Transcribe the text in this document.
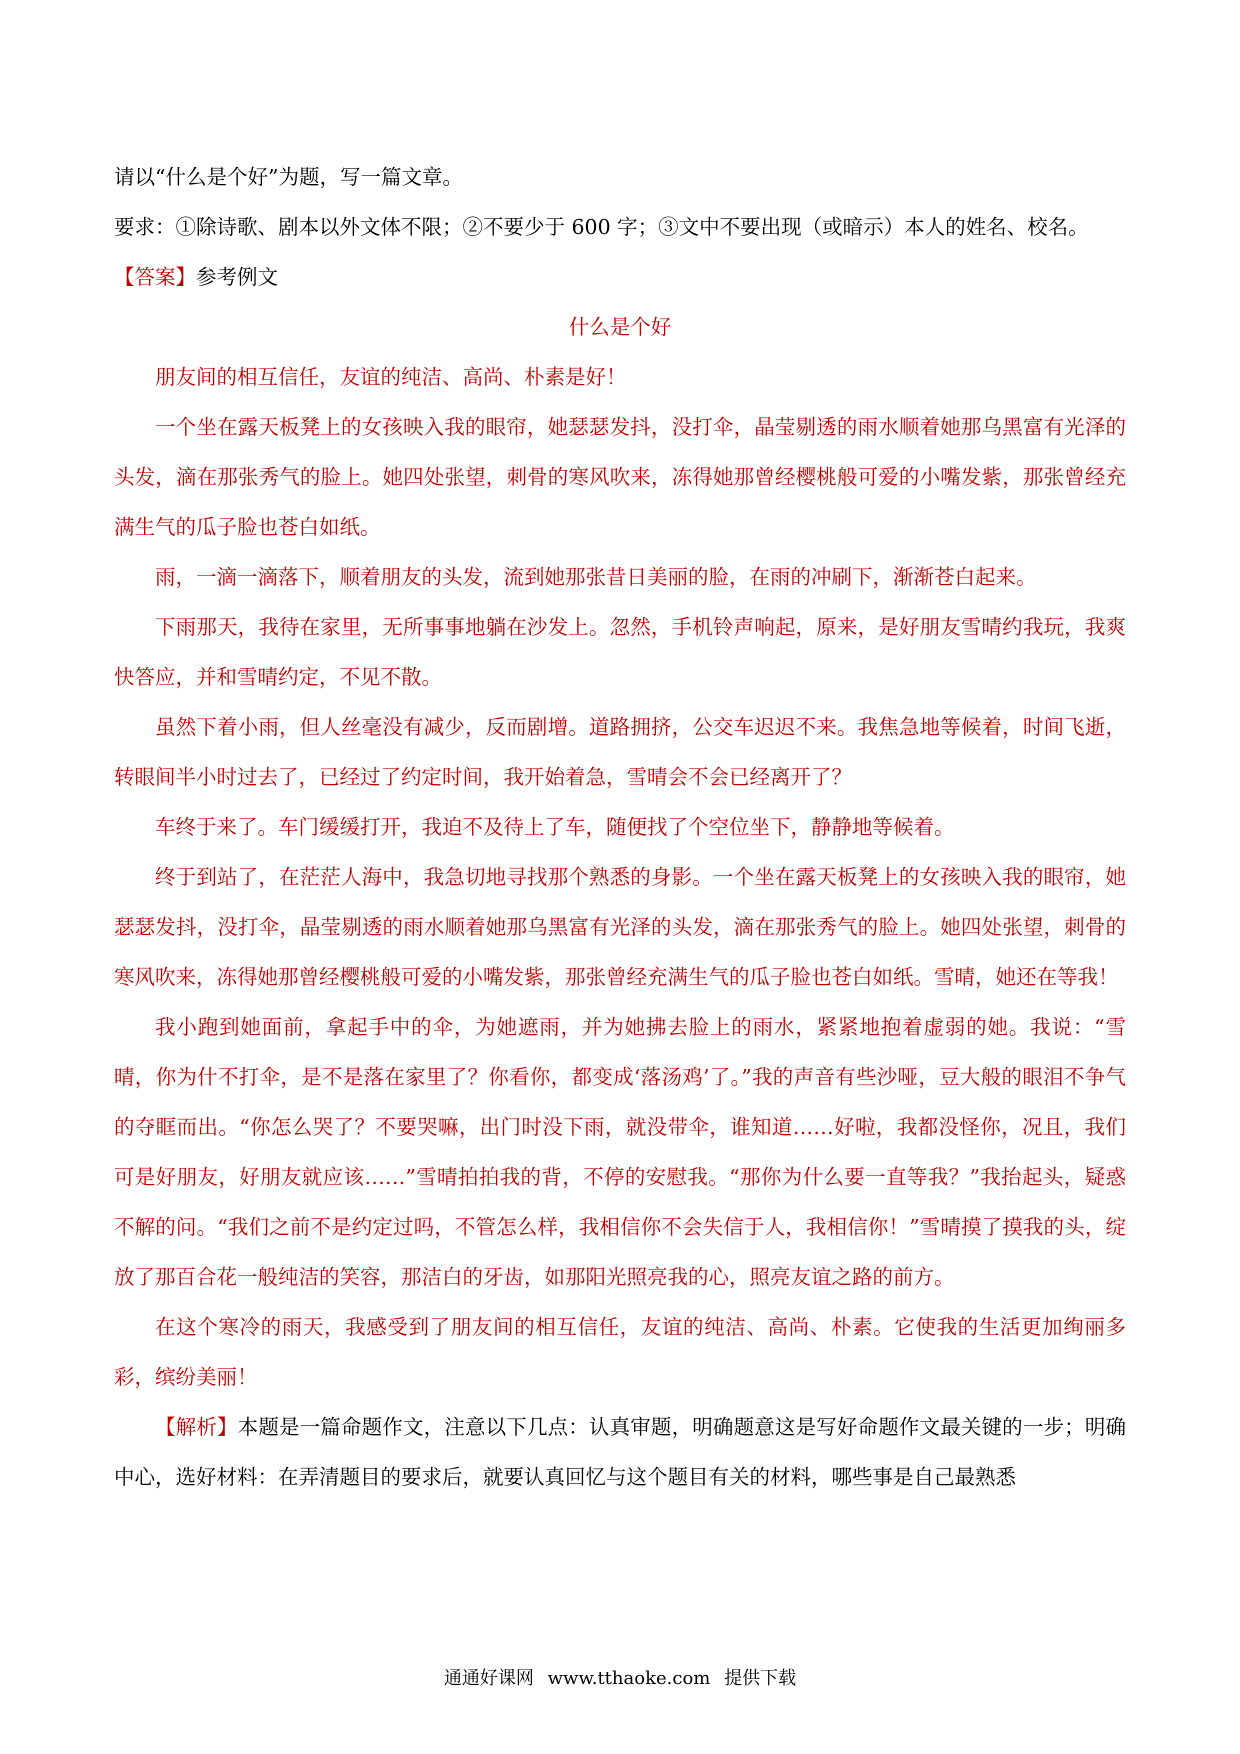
请以“什么是个好”为题，写一篇文章。

要求：①除诗歌、剧本以外文体不限；②不要少于 600 字；③文中不要出现（或暗示）本人的姓名、校名。

【答案】参考例文

什么是个好

朋友间的相互信任，友谊的纯洁、高尚、朴素是好！

一个坐在露天板凳上的女孩映入我的眼帘，她瑟瑟发抖，没打伞，晶莹剔透的雨水顺着她那乌黑富有光泽的头发，滴在那张秀气的脸上。她四处张望，刺骨的寒风吹来，冻得她那曾经樱桃般可爱的小嘴发紫，那张曾经充满生气的瓜子脸也苍白如纸。

雨，一滴一滴落下，顺着朋友的头发，流到她那张昔日美丽的脸，在雨的冲刷下，渐渐苍白起来。

下雨那天，我待在家里，无所事事地躺在沙发上。忽然，手机铃声响起，原来，是好朋友雪晴约我玩，我爽快答应，并和雪晴约定，不见不散。

虽然下着小雨，但人丝毫没有减少，反而剧增。道路拥挤，公交车迟迟不来。我焦急地等候着，时间飞逝，转眼间半小时过去了，已经过了约定时间，我开始着急，雪晴会不会已经离开了？

车终于来了。车门缓缓打开，我迫不及待上了车，随便找了个空位坐下，静静地等候着。

终于到站了，在茫茫人海中，我急切地寻找那个熟悉的身影。一个坐在露天板凳上的女孩映入我的眼帘，她瑟瑟发抖，没打伞，晶莹剔透的雨水顺着她那乌黑富有光泽的头发，滴在那张秀气的脸上。她四处张望，刺骨的寒风吹来，冻得她那曾经樱桃般可爱的小嘴发紫，那张曾经充满生气的瓜子脸也苍白如纸。雪晴，她还在等我！

我小跑到她面前，拿起手中的伞，为她遮雨，并为她拂去脸上的雨水，紧紧地抱着虚弱的她。我说：“雪晴，你为什不打伞，是不是落在家里了？你看你，都变成‘落汤鸡’了。”我的声音有些沙哑，豆大般的眼泪不争气的夺眶而出。“你怎么哭了？不要哭嘛，出门时没下雨，就没带伞，谁知道……好啦，我都没怪你，况且，我们可是好朋友，好朋友就应该……”雪晴拍拍我的背，不停的安慰我。“那你为什么要一直等我？”我抬起头，疑惑不解的问。“我们之前不是约定过吗，不管怎么样，我相信你不会失信于人，我相信你！”雪晴摸了摸我的头，绽放了那百合花一般纯洁的笑容，那洁白的牙齿，如那阳光照亮我的心，照亮友谊之路的前方。

在这个寒冷的雨天，我感受到了朋友间的相互信任，友谊的纯洁、高尚、朴素。它使我的生活更加绚丽多彩，缤纷美丽！

【解析】本题是一篇命题作文，注意以下几点：认真审题，明确题意这是写好命题作文最关键的一步；明确中心，选好材料：在弄清题目的要求后，就要认真回忆与这个题目有关的材料，哪些事是自己最熟悉

通通好课网 www.tthaoke.com 提供下载
